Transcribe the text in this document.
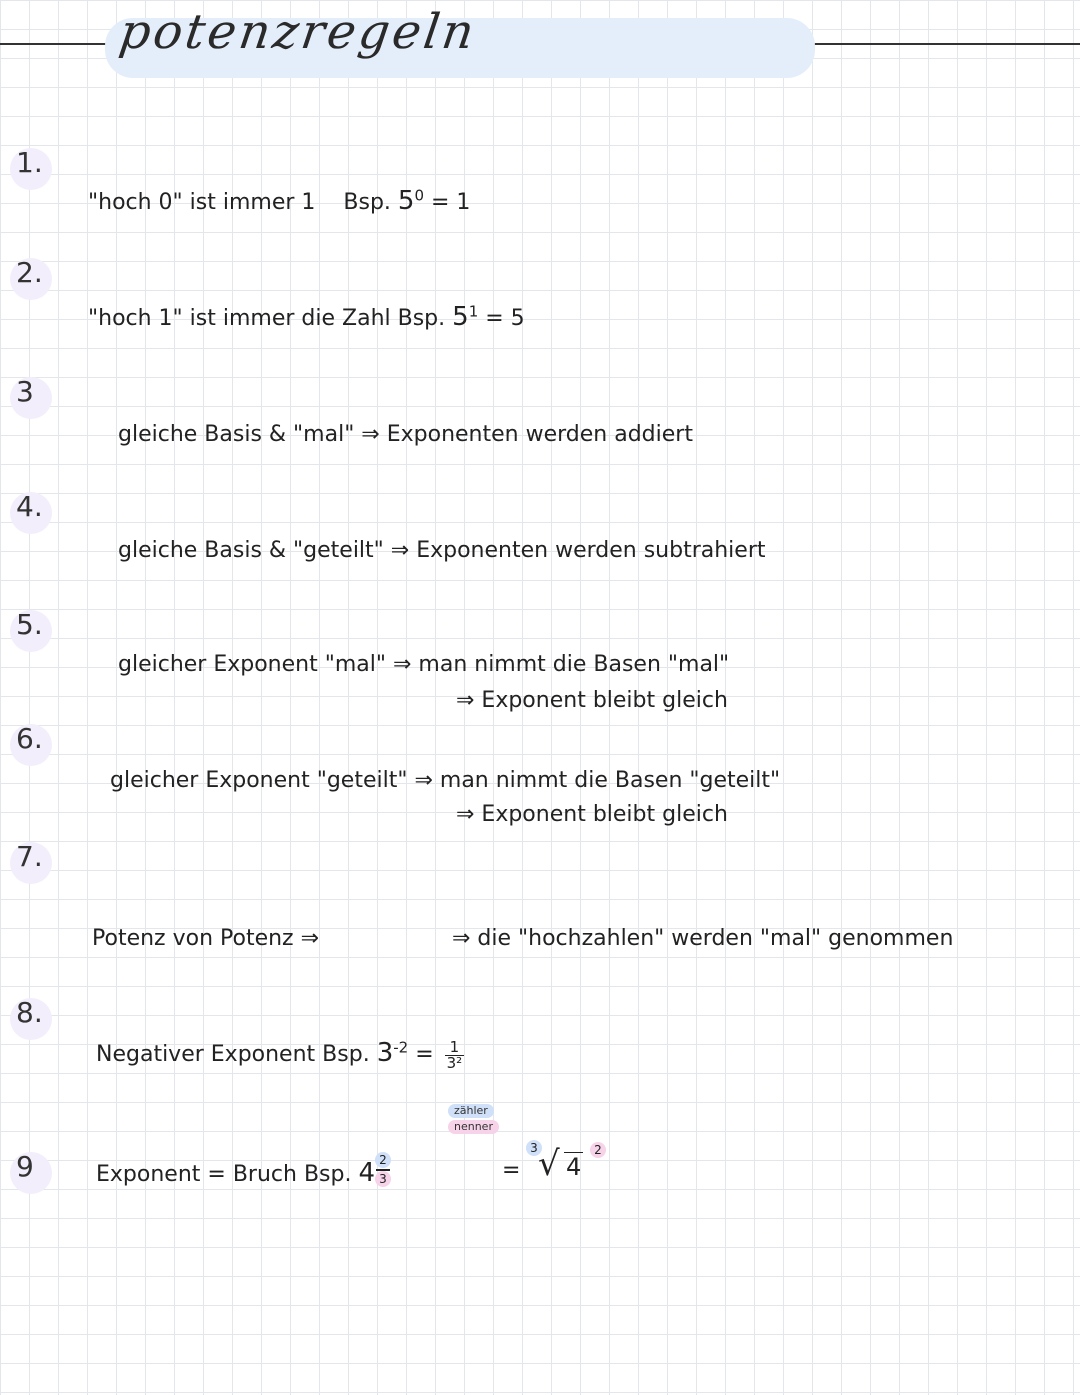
potenzregeln
1.
"hoch 0" ist immer 1 Bsp. $5^0 = 1$
2.
"hoch 1" ist immer die Zahl Bsp. $5^1 = 5$
3
gleiche Basis & "mal" ⇒ Exponenten werden addiert
4.
gleiche Basis & "geteilt" ⇒ Exponenten werden subtrahiert
5.
gleicher Exponent "mal" ⇒ man nimmt die Basen "mal"
⇒ Exponent bleibt gleich
6.
gleicher Exponent "geteilt" ⇒ man nimmt die Basen "geteilt"
⇒ Exponent bleibt gleich
7.
Potenz von Potenz ⇒	⇒ die "hochzahlen" werden "mal" genommen
8.
Negativer Exponent Bsp. $3^{-2} = \frac{1}{\text{3²}}$
9
zähler
nenner
Exponent = Bruch Bsp. $4 \frac{2}{3}$	=
3 √ 4
2
